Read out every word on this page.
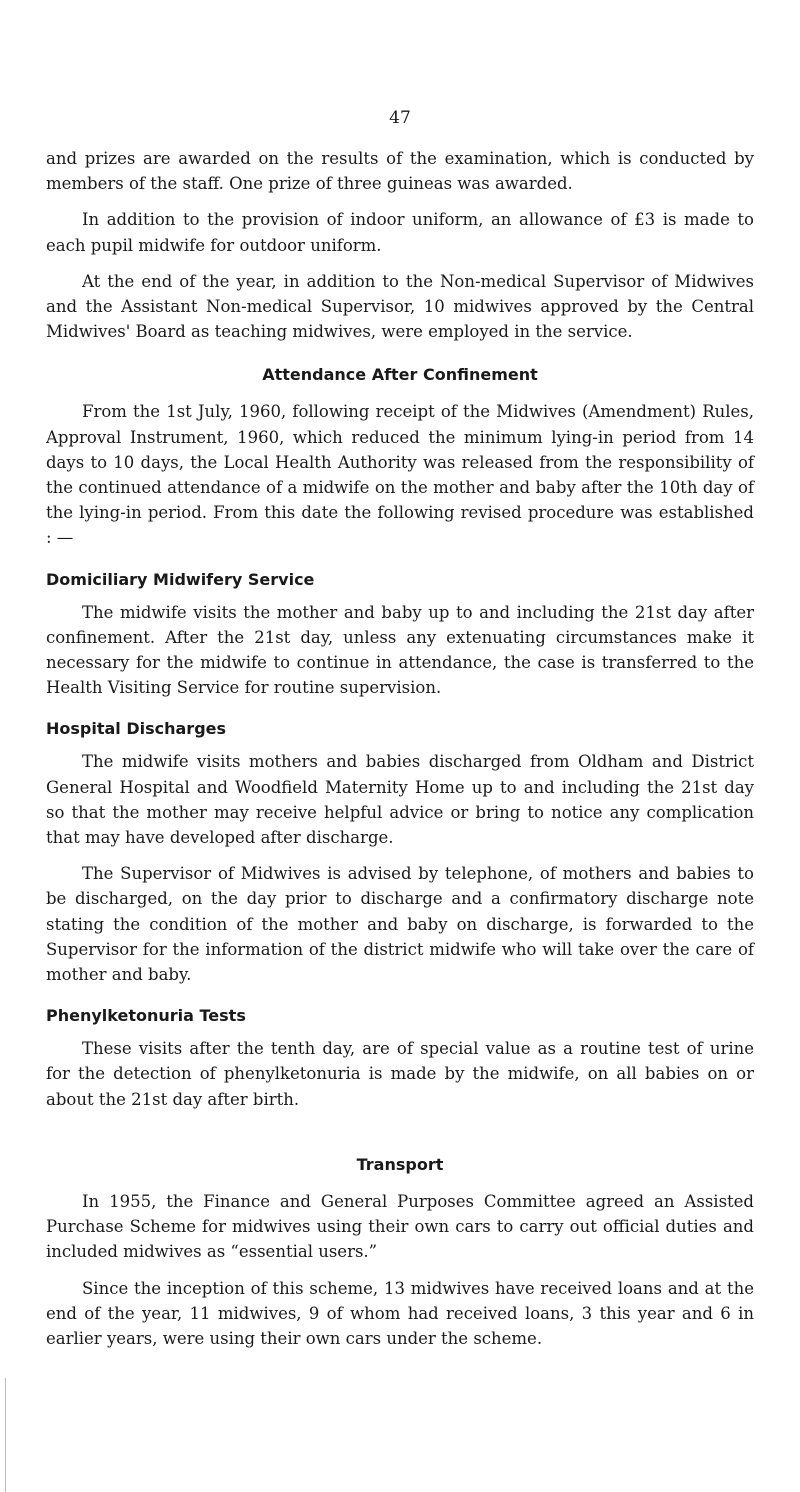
47

and prizes are awarded on the results of the examination, which is conducted by members of the staff. One prize of three guineas was awarded.

In addition to the provision of indoor uniform, an allowance of £3 is made to each pupil midwife for outdoor uniform.

At the end of the year, in addition to the Non-medical Supervisor of Midwives and the Assistant Non-medical Supervisor, 10 midwives approved by the Central Midwives' Board as teaching midwives, were employed in the service.

Attendance After Confinement

From the 1st July, 1960, following receipt of the Midwives (Amendment) Rules, Approval Instrument, 1960, which reduced the minimum lying-in period from 14 days to 10 days, the Local Health Authority was released from the responsibility of the continued attendance of a midwife on the mother and baby after the 10th day of the lying-in period. From this date the following revised procedure was established : —

Domiciliary Midwifery Service

The midwife visits the mother and baby up to and including the 21st day after confinement. After the 21st day, unless any extenuating circumstances make it necessary for the midwife to continue in attendance, the case is transferred to the Health Visiting Service for routine supervision.

Hospital Discharges

The midwife visits mothers and babies discharged from Oldham and District General Hospital and Woodfield Maternity Home up to and including the 21st day so that the mother may receive helpful advice or bring to notice any complication that may have developed after discharge.

The Supervisor of Midwives is advised by telephone, of mothers and babies to be discharged, on the day prior to discharge and a confirmatory discharge note stating the condition of the mother and baby on discharge, is forwarded to the Supervisor for the information of the district midwife who will take over the care of mother and baby.

Phenylketonuria Tests

These visits after the tenth day, are of special value as a routine test of urine for the detection of phenylketonuria is made by the midwife, on all babies on or about the 21st day after birth.

Transport

In 1955, the Finance and General Purposes Committee agreed an Assisted Purchase Scheme for midwives using their own cars to carry out official duties and included midwives as “essential users.”

Since the inception of this scheme, 13 midwives have received loans and at the end of the year, 11 midwives, 9 of whom had received loans, 3 this year and 6 in earlier years, were using their own cars under the scheme.
